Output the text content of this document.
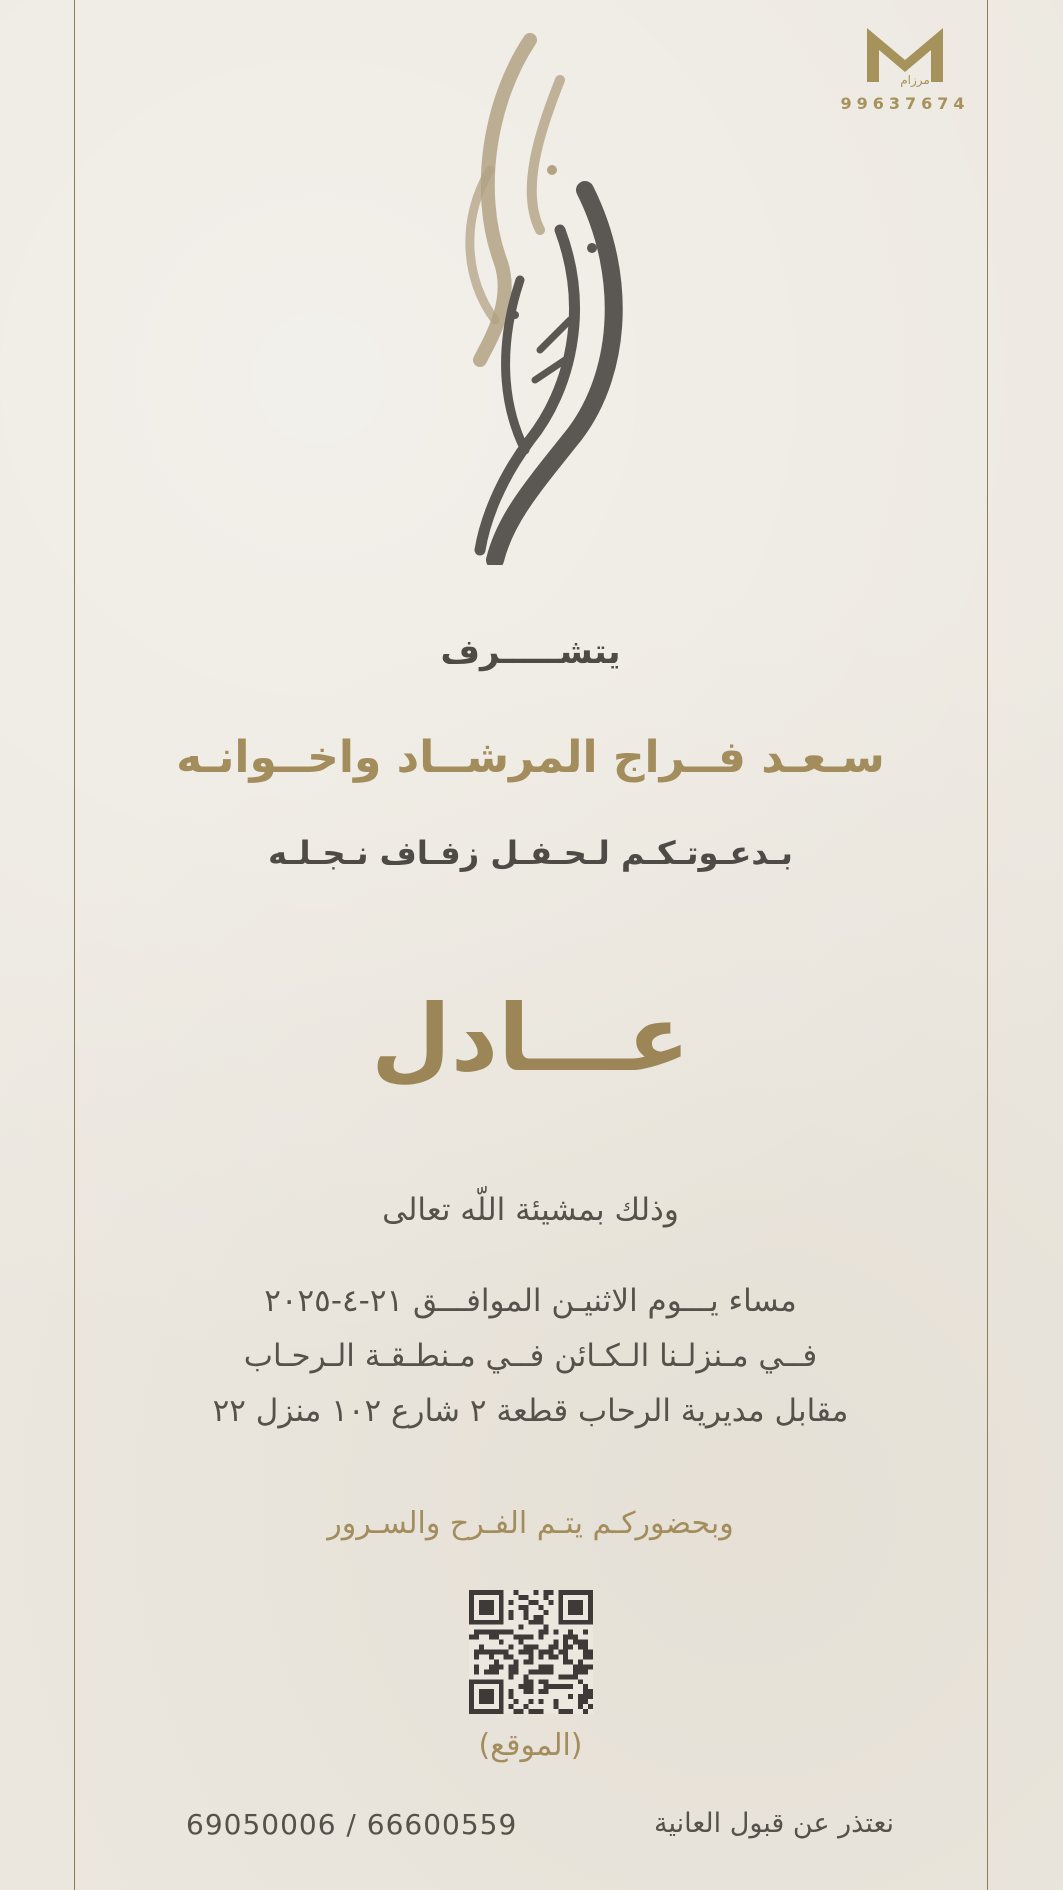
مرزام
99637674
يتشـــــرف
سـعـد فــراج المرشــاد واخــوانـه
بـدعـوتـكـم لـحـفـل زفـاف نـجـلـه
عـــادل
وذلك بمشيئة اللّه تعالى
مساء يـــوم الاثنيـن الموافـــق ٢١-٤-٢٠٢٥
فــي مـنزلـنا الـكـائن فــي مـنطـقـة الـرحـاب
مقابل مديرية الرحاب قطعة ٢ شارع ١٠٢ منزل ٢٢
وبحضوركـم يتـم الفـرح والسـرور
(الموقع)
نعتذر عن قبول العانية
69050006 / 66600559
